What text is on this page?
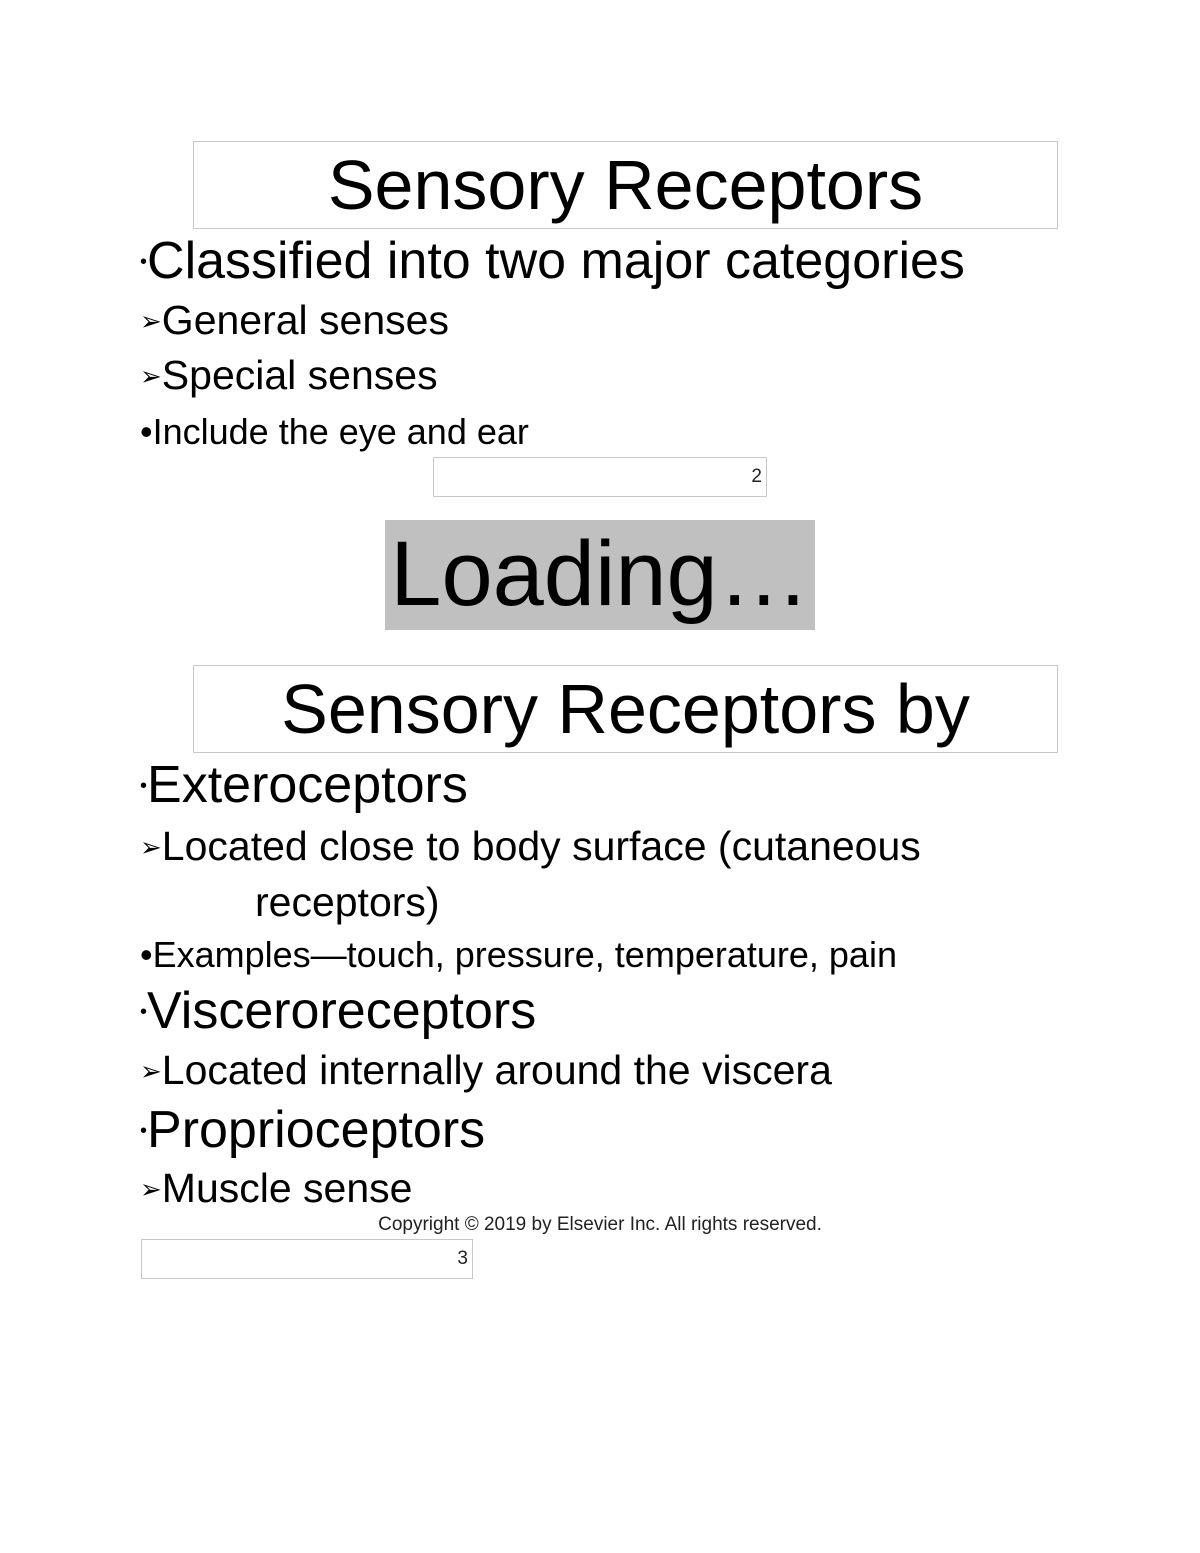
Sensory Receptors
•Classified into two major categories
➢General senses
➢Special senses
•Include the eye and ear
2
Loading…
Sensory Receptors by
•Exteroceptors
➢Located close to body surface (cutaneous
receptors)
•Examples—touch, pressure, temperature, pain
•Visceroreceptors
➢Located internally around the viscera
•Proprioceptors
➢Muscle sense
Copyright © 2019 by Elsevier Inc. All rights reserved.
3
